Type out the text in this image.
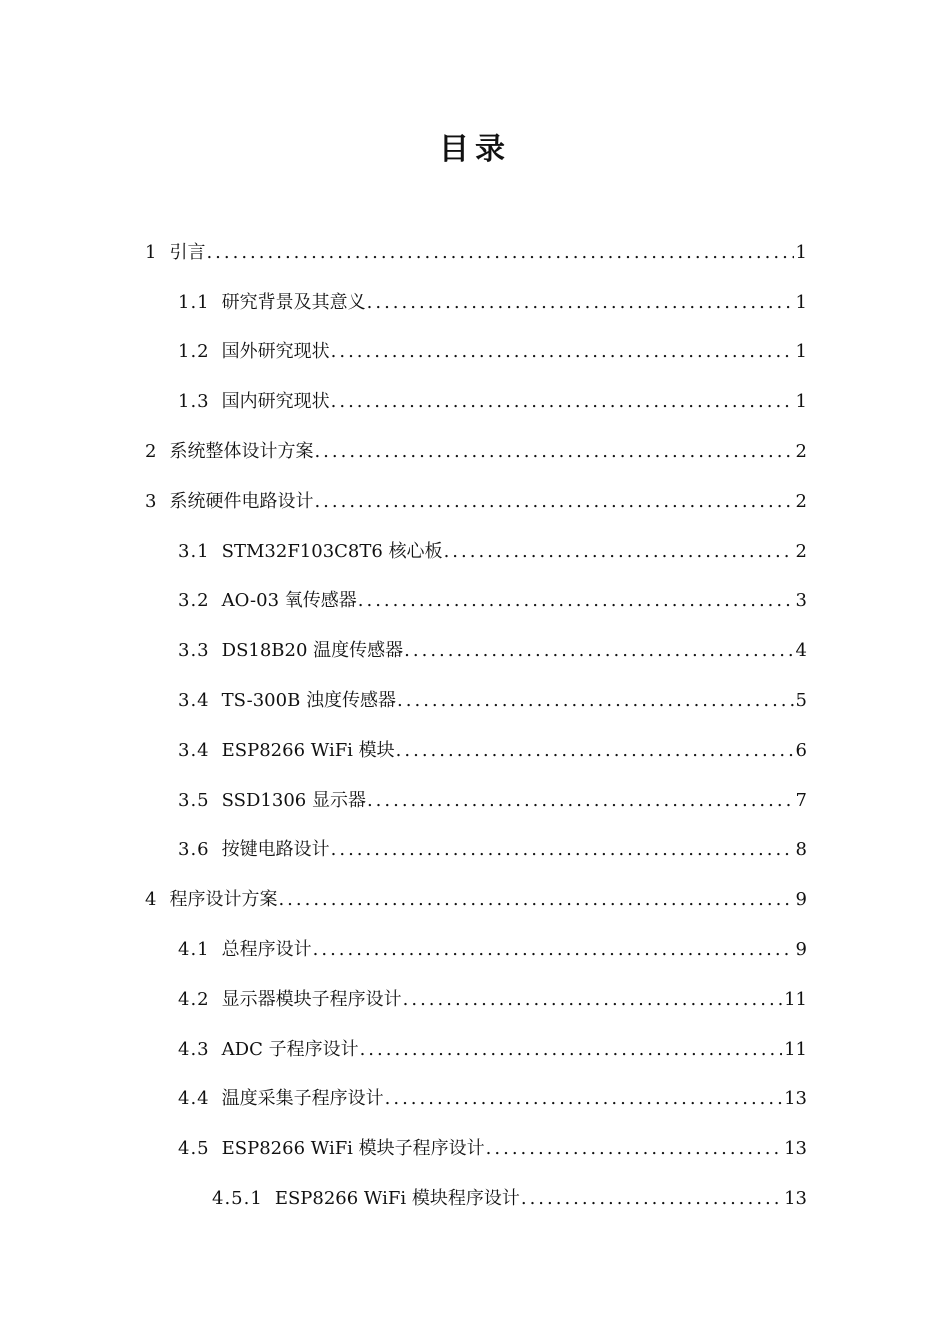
目录
1 引言 .....	1
1.1 研究背景及其意义 .....	1
1.2 国外研究现状 .....	1
1.3 国内研究现状 .....	1
2 系统整体设计方案 .....	2
3 系统硬件电路设计 .....	2
3.1 STM32F103C8T6 核心板 .....	2
3.2 AO-03 氧传感器 .....	3
3.3 DS18B20 温度传感器 .....	4
3.4 TS-300B 浊度传感器 .....	5
3.4 ESP8266 WiFi 模块 .....	6
3.5 SSD1306 显示器 .....	7
3.6 按键电路设计 .....	8
4 程序设计方案 .....	9
4.1 总程序设计 .....	9
4.2 显示器模块子程序设计 .....	11
4.3 ADC 子程序设计 .....	11
4.4 温度采集子程序设计 .....	13
4.5 ESP8266 WiFi 模块子程序设计 .....	13
4.5.1 ESP8266 WiFi 模块程序设计 .....	13
